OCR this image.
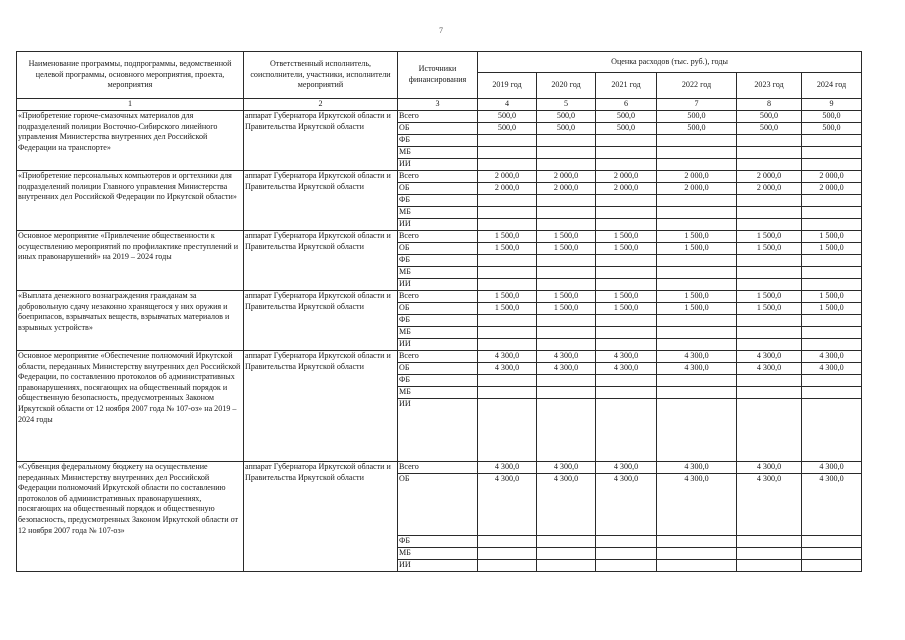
7
Наименование программы, подпрограммы, ведомственной целевой программы, основного мероприятия, проекта, мероприятия	Ответственный исполнитель, соисполнители, участники, исполнители мероприятий	Источники финансирования	Оценка расходов (тыс. руб.), годы					
			2019 год	2020 год	2021 год	2022 год	2023 год	2024 год
1	2	3	4	5	6	7	8	9
«Приобретение горюче-смазочных материалов для подразделений полиции Восточно-Сибирского линейного управления Министерства внутренних дел Российской Федерации на транспорте»	аппарат Губернатора Иркутской области и Правительства Иркутской области	Всего	500,0	500,0	500,0	500,0	500,0	500,0
		ОБ	500,0	500,0	500,0	500,0	500,0	500,0
		ФБ						
		МБ						
		ИИ						
«Приобретение персональных компьютеров и оргтехники для подразделений полиции Главного управления Министерства внутренних дел Российской Федерации по Иркутской области»	аппарат Губернатора Иркутской области и Правительства Иркутской области	Всего	2 000,0	2 000,0	2 000,0	2 000,0	2 000,0	2 000,0
		ОБ	2 000,0	2 000,0	2 000,0	2 000,0	2 000,0	2 000,0
		ФБ						
		МБ						
		ИИ						
Основное мероприятие «Привлечение общественности к осуществлению мероприятий по профилактике преступлений и иных правонарушений» на 2019 – 2024 годы	аппарат Губернатора Иркутской области и Правительства Иркутской области	Всего	1 500,0	1 500,0	1 500,0	1 500,0	1 500,0	1 500,0
		ОБ	1 500,0	1 500,0	1 500,0	1 500,0	1 500,0	1 500,0
		ФБ						
		МБ						
		ИИ						
«Выплата денежного вознаграждения гражданам за добровольную сдачу незаконно хранящегося у них оружия и боеприпасов, взрывчатых веществ, взрывчатых материалов и взрывных устройств»	аппарат Губернатора Иркутской области и Правительства Иркутской области	Всего	1 500,0	1 500,0	1 500,0	1 500,0	1 500,0	1 500,0
		ОБ	1 500,0	1 500,0	1 500,0	1 500,0	1 500,0	1 500,0
		ФБ						
		МБ						
		ИИ						
Основное мероприятие «Обеспечение полномочий Иркутской области, переданных Министерству внутренних дел Российской Федерации, по составлению протоколов об административных правонарушениях, посягающих на общественный порядок и общественную безопасность, предусмотренных Законом Иркутской области от 12 ноября 2007 года № 107-оз» на 2019 – 2024 годы	аппарат Губернатора Иркутской области и Правительства Иркутской области	Всего	4 300,0	4 300,0	4 300,0	4 300,0	4 300,0	4 300,0
		ОБ	4 300,0	4 300,0	4 300,0	4 300,0	4 300,0	4 300,0
		ФБ						
		МБ						
		ИИ						
«Субвенция федеральному бюджету на осуществление переданных Министерству внутренних дел Российской Федерации полномочий Иркутской области по составлению протоколов об административных правонарушениях, посягающих на общественный порядок и общественную безопасность, предусмотренных Законом Иркутской области от 12 ноября 2007 года № 107-оз»	аппарат Губернатора Иркутской области и Правительства Иркутской области	Всего	4 300,0	4 300,0	4 300,0	4 300,0	4 300,0	4 300,0
		ОБ	4 300,0	4 300,0	4 300,0	4 300,0	4 300,0	4 300,0
		ФБ						
		МБ						
		ИИ						
